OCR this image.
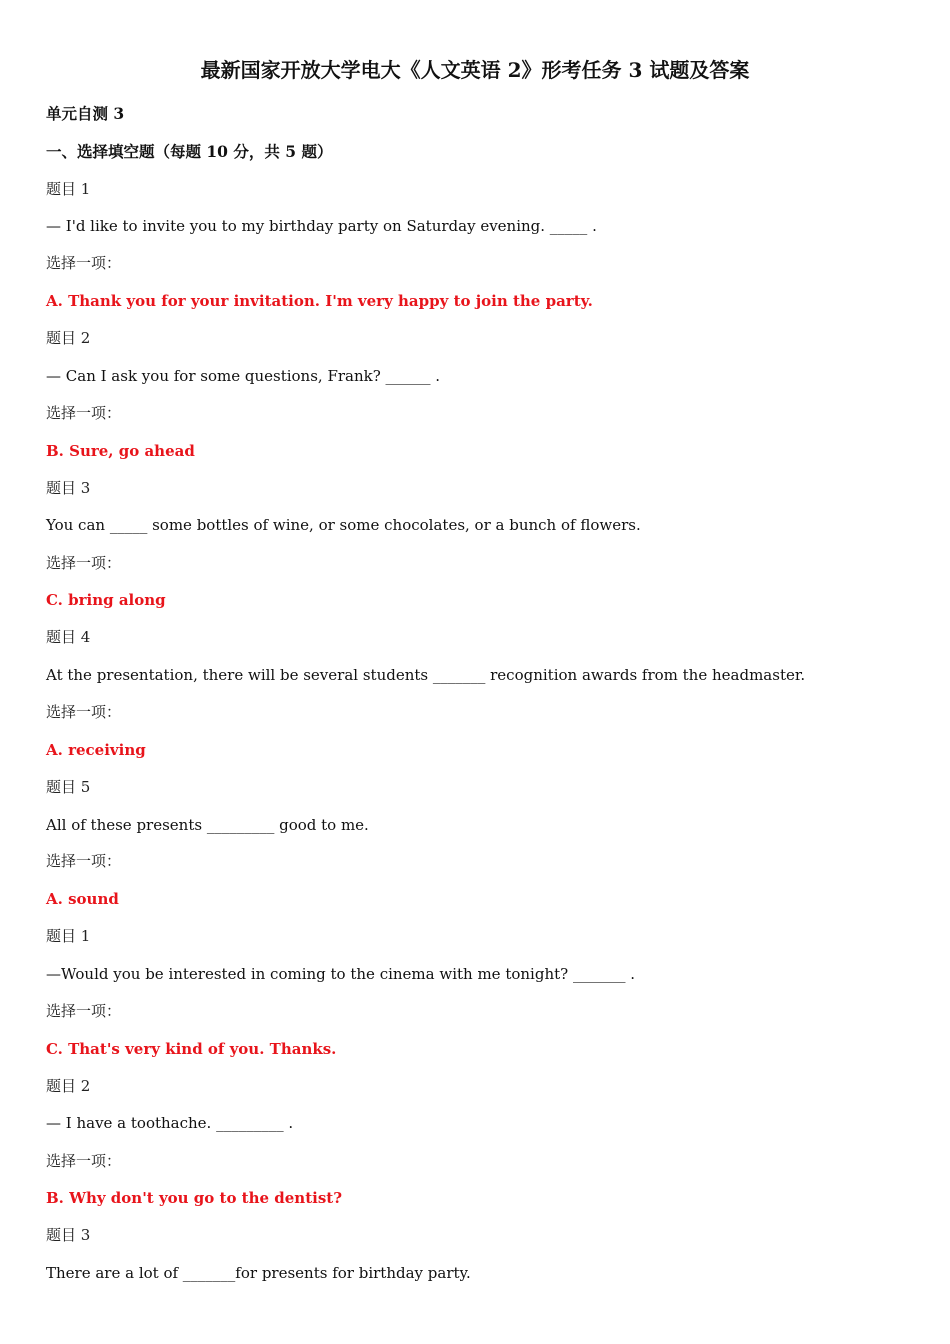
最新国家开放大学电大《人文英语 2》形考任务 3 试题及答案
单元自测 3
一、选择填空题（每题 10 分，共 5 题）
题目 1
— I'd like to invite you to my birthday party on Saturday evening. _____ .
选择一项：
A. Thank you for your invitation. I'm very happy to join the party.
题目 2
— Can I ask you for some questions, Frank? ______ .
选择一项：
B. Sure, go ahead
题目 3
You can _____ some bottles of wine, or some chocolates, or a bunch of flowers.
选择一项：
C. bring along
题目 4
At the presentation, there will be several students _______ recognition awards from the headmaster.
选择一项：
A. receiving
题目 5
All of these presents _________ good to me.
选择一项：
A. sound
题目 1
—Would you be interested in coming to the cinema with me tonight? _______ .
选择一项：
C. That's very kind of you. Thanks.
题目 2
— I have a toothache. _________ .
选择一项：
B. Why don't you go to the dentist?
题目 3
There are a lot of _______for presents for birthday party.
